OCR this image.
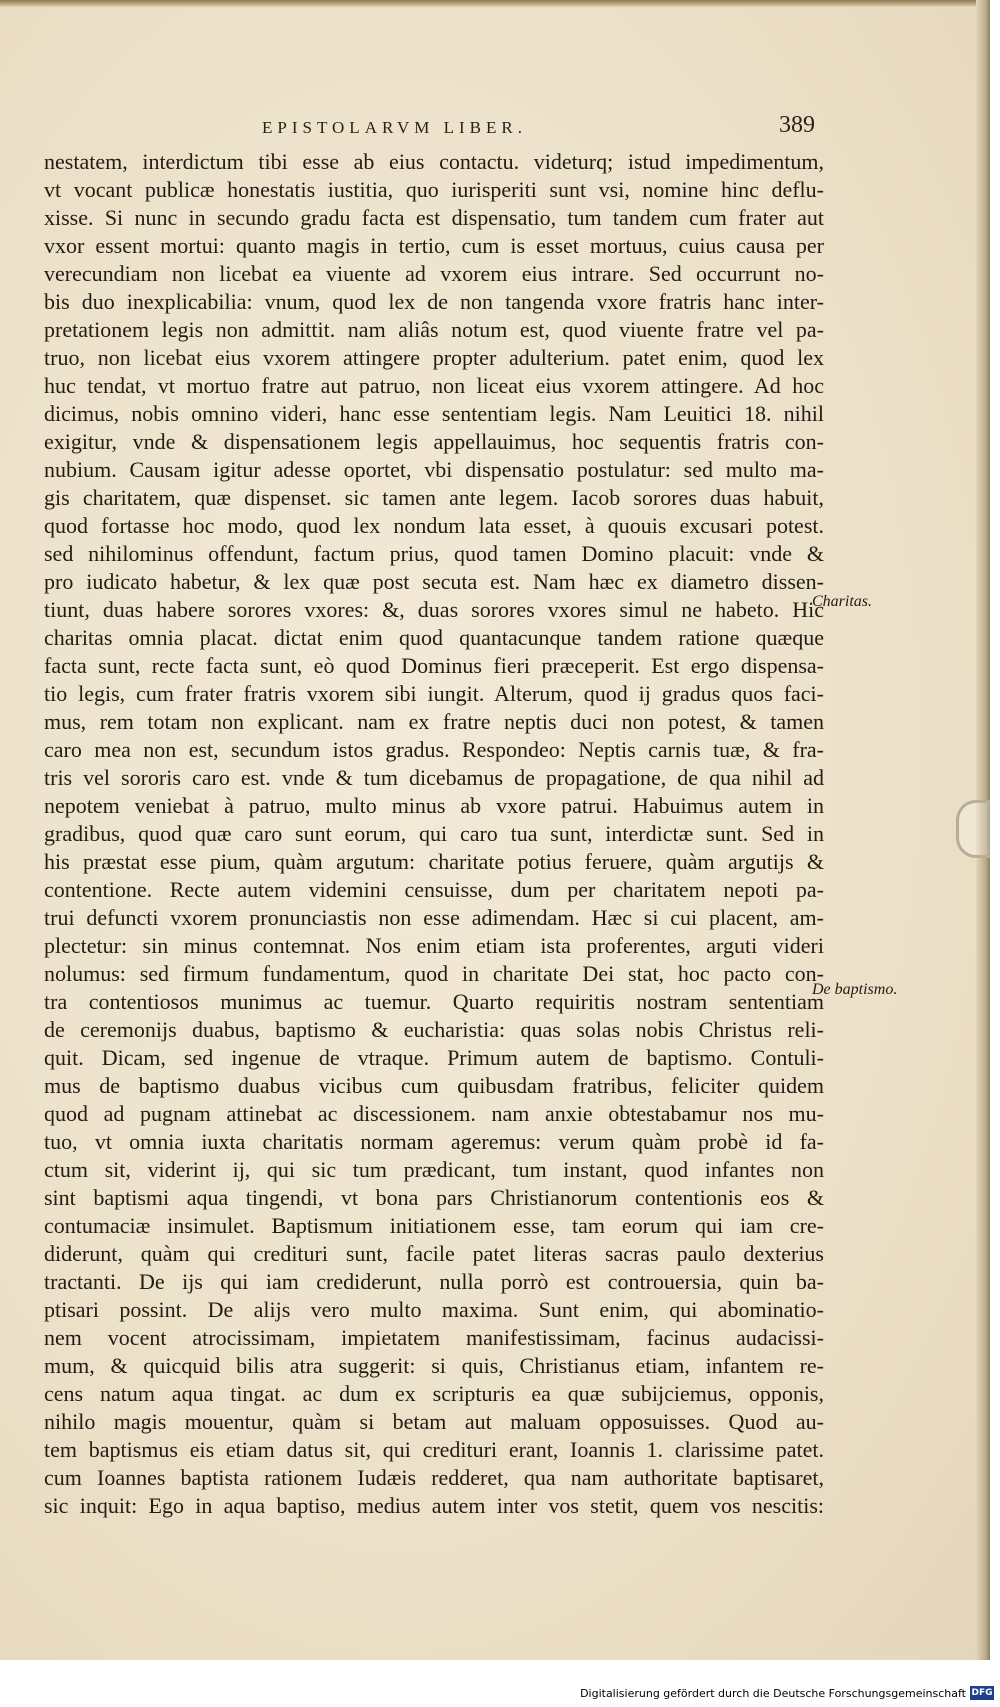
EPISTOLARVM LIBER.	389
nestatem, interdictum tibi esse ab eius contactu. videturq; istud impedimentum,
vt vocant publicæ honestatis iustitia, quo iurisperiti sunt vsi, nomine hinc deflu-
xisse. Si nunc in secundo gradu facta est dispensatio, tum tandem cum frater aut
vxor essent mortui: quanto magis in tertio, cum is esset mortuus, cuius causa per
verecundiam non licebat ea viuente ad vxorem eius intrare. Sed occurrunt no-
bis duo inexplicabilia: vnum, quod lex de non tangenda vxore fratris hanc inter-
pretationem legis non admittit. nam aliâs notum est, quod viuente fratre vel pa-
truo, non licebat eius vxorem attingere propter adulterium. patet enim, quod lex
huc tendat, vt mortuo fratre aut patruo, non liceat eius vxorem attingere. Ad hoc
dicimus, nobis omnino videri, hanc esse sententiam legis. Nam Leuitici 18. nihil
exigitur, vnde & dispensationem legis appellauimus, hoc sequentis fratris con-
nubium. Causam igitur adesse oportet, vbi dispensatio postulatur: sed multo ma-
gis charitatem, quæ dispenset. sic tamen ante legem. Iacob sorores duas habuit,
quod fortasse hoc modo, quod lex nondum lata esset, à quouis excusari potest.
sed nihilominus offendunt, factum prius, quod tamen Domino placuit: vnde &
pro iudicato habetur, & lex quæ post secuta est. Nam hæc ex diametro dissen-
tiunt, duas habere sorores vxores: &, duas sorores vxores simul ne habeto. Hic
charitas omnia placat. dictat enim quod quantacunque tandem ratione quæque
facta sunt, recte facta sunt, eò quod Dominus fieri præceperit. Est ergo dispensa-
tio legis, cum frater fratris vxorem sibi iungit. Alterum, quod ij gradus quos faci-
mus, rem totam non explicant. nam ex fratre neptis duci non potest, & tamen
caro mea non est, secundum istos gradus. Respondeo: Neptis carnis tuæ, & fra-
tris vel sororis caro est. vnde & tum dicebamus de propagatione, de qua nihil ad
nepotem veniebat à patruo, multo minus ab vxore patrui. Habuimus autem in
gradibus, quod quæ caro sunt eorum, qui caro tua sunt, interdictæ sunt. Sed in
his præstat esse pium, quàm argutum: charitate potius feruere, quàm argutijs &
contentione. Recte autem videmini censuisse, dum per charitatem nepoti pa-
trui defuncti vxorem pronunciastis non esse adimendam. Hæc si cui placent, am-
plectetur: sin minus contemnat. Nos enim etiam ista proferentes, arguti videri
nolumus: sed firmum fundamentum, quod in charitate Dei stat, hoc pacto con-
tra contentiosos munimus ac tuemur. Quarto requiritis nostram sententiam
de ceremonijs duabus, baptismo & eucharistia: quas solas nobis Christus reli-
quit. Dicam, sed ingenue de vtraque. Primum autem de baptismo. Contuli-
mus de baptismo duabus vicibus cum quibusdam fratribus, feliciter quidem
quod ad pugnam attinebat ac discessionem. nam anxie obtestabamur nos mu-
tuo, vt omnia iuxta charitatis normam ageremus: verum quàm probè id fa-
ctum sit, viderint ij, qui sic tum prædicant, tum instant, quod infantes non
sint baptismi aqua tingendi, vt bona pars Christianorum contentionis eos &
contumaciæ insimulet. Baptismum initiationem esse, tam eorum qui iam cre-
diderunt, quàm qui credituri sunt, facile patet literas sacras paulo dexterius
tractanti. De ijs qui iam crediderunt, nulla porrò est controuersia, quin ba-
ptisari possint. De alijs vero multo maxima. Sunt enim, qui abominatio-
nem vocent atrocissimam, impietatem manifestissimam, facinus audacissi-
mum, & quicquid bilis atra suggerit: si quis, Christianus etiam, infantem re-
cens natum aqua tingat. ac dum ex scripturis ea quæ subijciemus, opponis,
nihilo magis mouentur, quàm si betam aut maluam opposuisses. Quod au-
tem baptismus eis etiam datus sit, qui credituri erant, Ioannis 1. clarissime patet.
cum Ioannes baptista rationem Iudæis redderet, qua nam authoritate baptisaret,
sic inquit: Ego in aqua baptiso, medius autem inter vos stetit, quem vos nescitis:
Charitas.
De baptismo.
Digitalisierung gefördert durch die Deutsche Forschungsgemeinschaft DFG
